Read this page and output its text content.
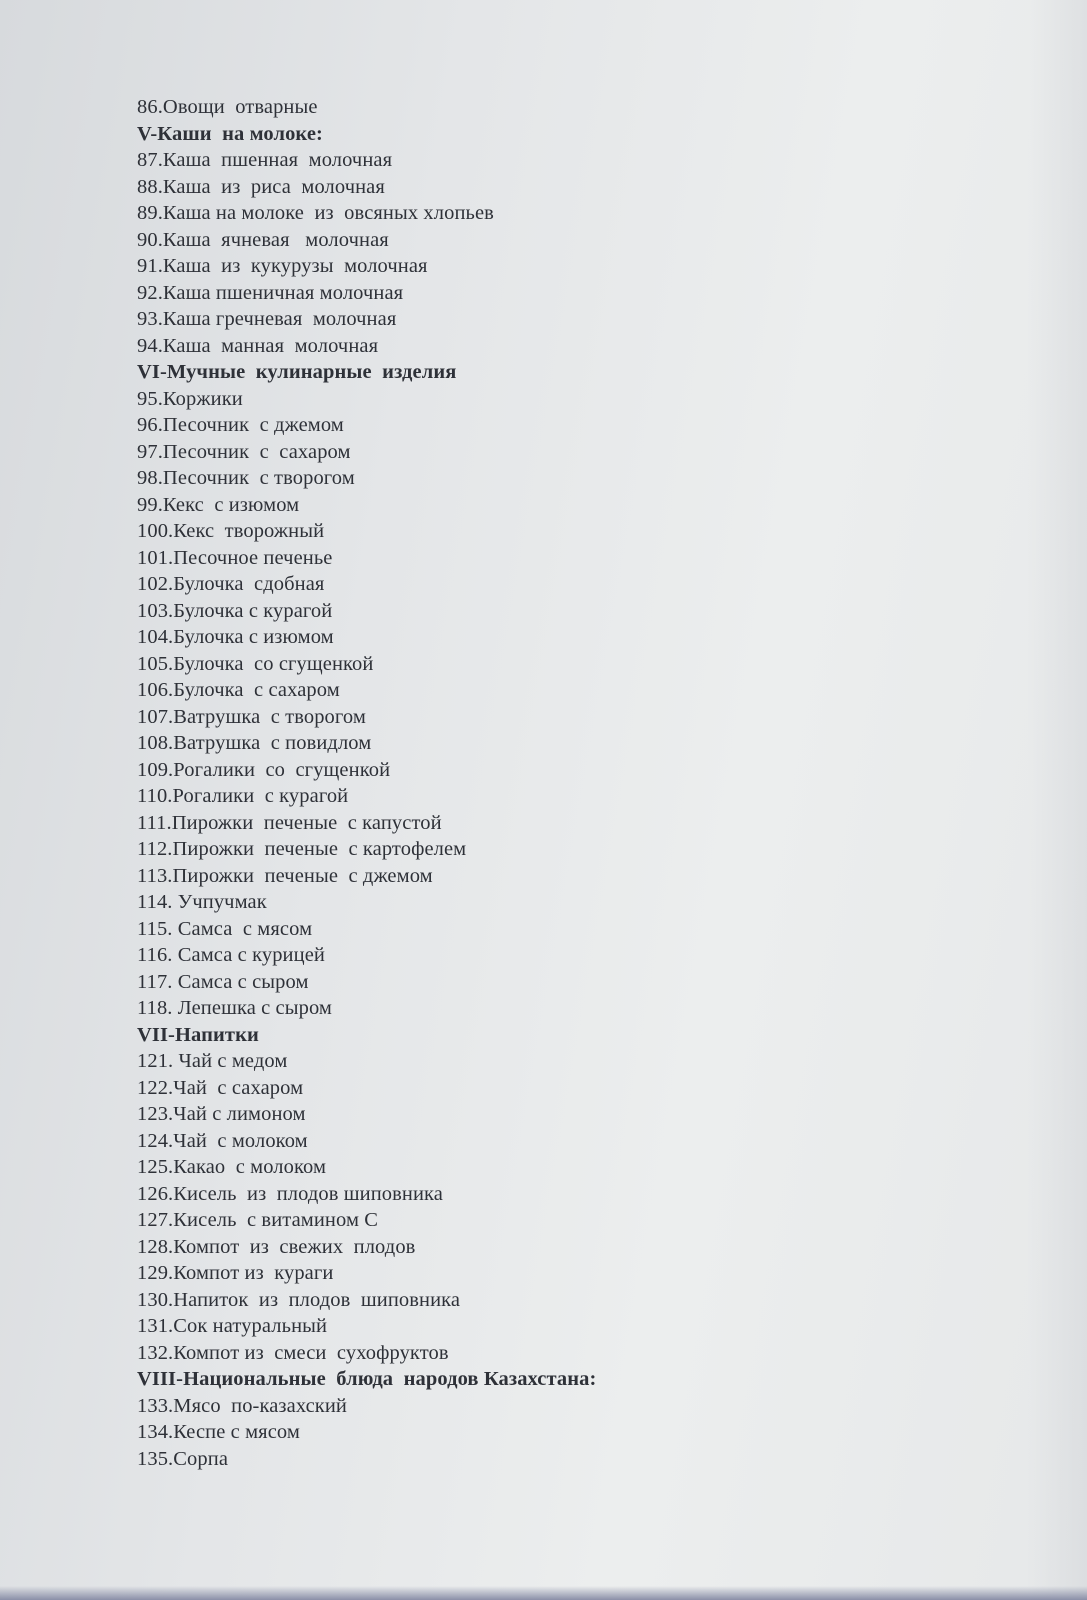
86.Овощи  отварные
V-Каши  на молоке:
87.Каша  пшенная  молочная
88.Каша  из  риса  молочная
89.Каша на молоке  из  овсяных хлопьев
90.Каша  ячневая   молочная
91.Каша  из  кукурузы  молочная
92.Каша пшеничная молочная
93.Каша гречневая  молочная
94.Каша  манная  молочная
VI-Мучные  кулинарные  изделия
95.Коржики
96.Песочник  с джемом
97.Песочник  с  сахаром
98.Песочник  с творогом
99.Кекс  с изюмом
100.Кекс  творожный
101.Песочное печенье
102.Булочка  сдобная
103.Булочка с курагой
104.Булочка с изюмом
105.Булочка  со сгущенкой
106.Булочка  с сахаром
107.Ватрушка  с творогом
108.Ватрушка  с повидлом
109.Рогалики  со  сгущенкой
110.Рогалики  с курагой
111.Пирожки  печеные  с капустой
112.Пирожки  печеные  с картофелем
113.Пирожки  печеные  с джемом
114. Учпучмак
115. Самса  с мясом
116. Самса с курицей
117. Самса с сыром
118. Лепешка с сыром
VII-Напитки
121. Чай с медом
122.Чай  с сахаром
123.Чай с лимоном
124.Чай  с молоком
125.Какао  с молоком
126.Кисель  из  плодов шиповника
127.Кисель  с витамином С
128.Компот  из  свежих  плодов
129.Компот из  кураги
130.Напиток  из  плодов  шиповника
131.Сок натуральный
132.Компот из  смеси  сухофруктов
VIII-Национальные  блюда  народов Казахстана:
133.Мясо  по-казахский
134.Кеспе с мясом
135.Сорпа
